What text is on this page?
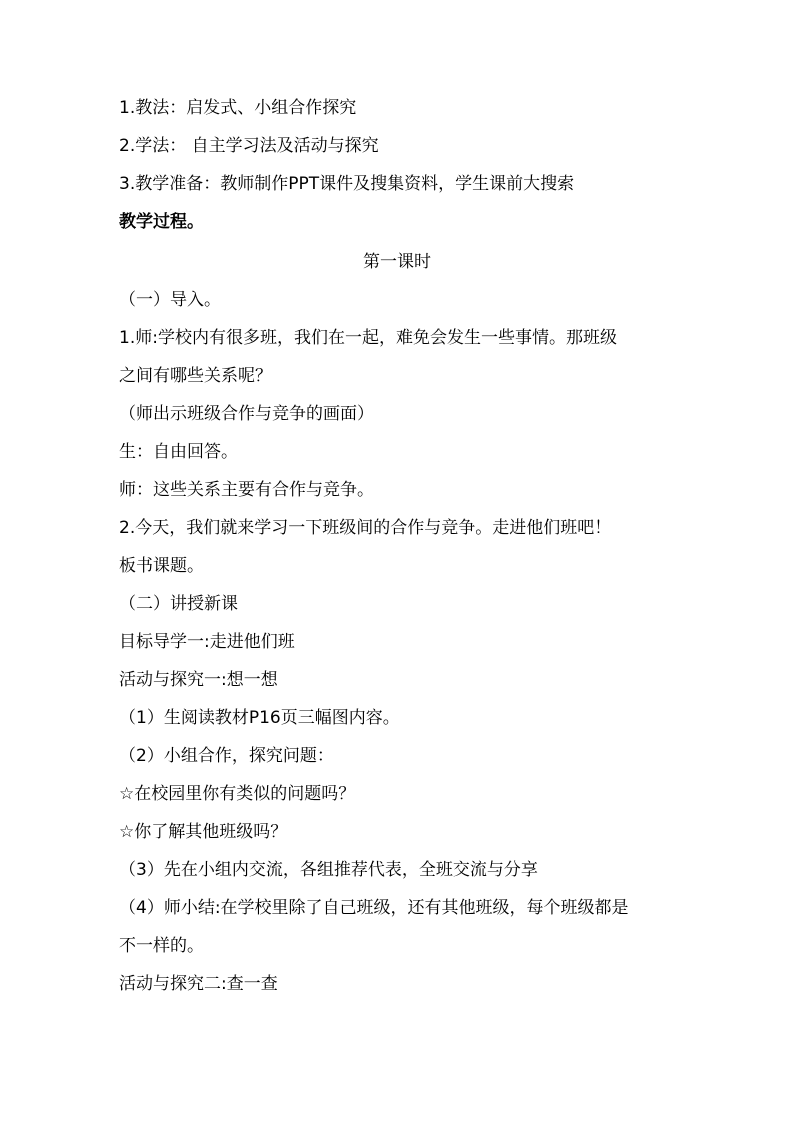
1.教法：启发式、小组合作探究
2.学法： 自主学习法及活动与探究
3.教学准备：教师制作PPT课件及搜集资料，学生课前大搜索
教学过程。
第一课时
（一）导入。
1.师:学校内有很多班，我们在一起，难免会发生一些事情。那班级
之间有哪些关系呢？
（师出示班级合作与竞争的画面）
生：自由回答。
师：这些关系主要有合作与竞争。
2.今天，我们就来学习一下班级间的合作与竞争。走进他们班吧！
板书课题。
（二）讲授新课
目标导学一:走进他们班
活动与探究一:想一想
（1）生阅读教材P16页三幅图内容。
（2）小组合作，探究问题：
☆在校园里你有类似的问题吗？
☆你了解其他班级吗？
（3）先在小组内交流，各组推荐代表，全班交流与分享
（4）师小结:在学校里除了自己班级，还有其他班级，每个班级都是
不一样的。
活动与探究二:查一查
